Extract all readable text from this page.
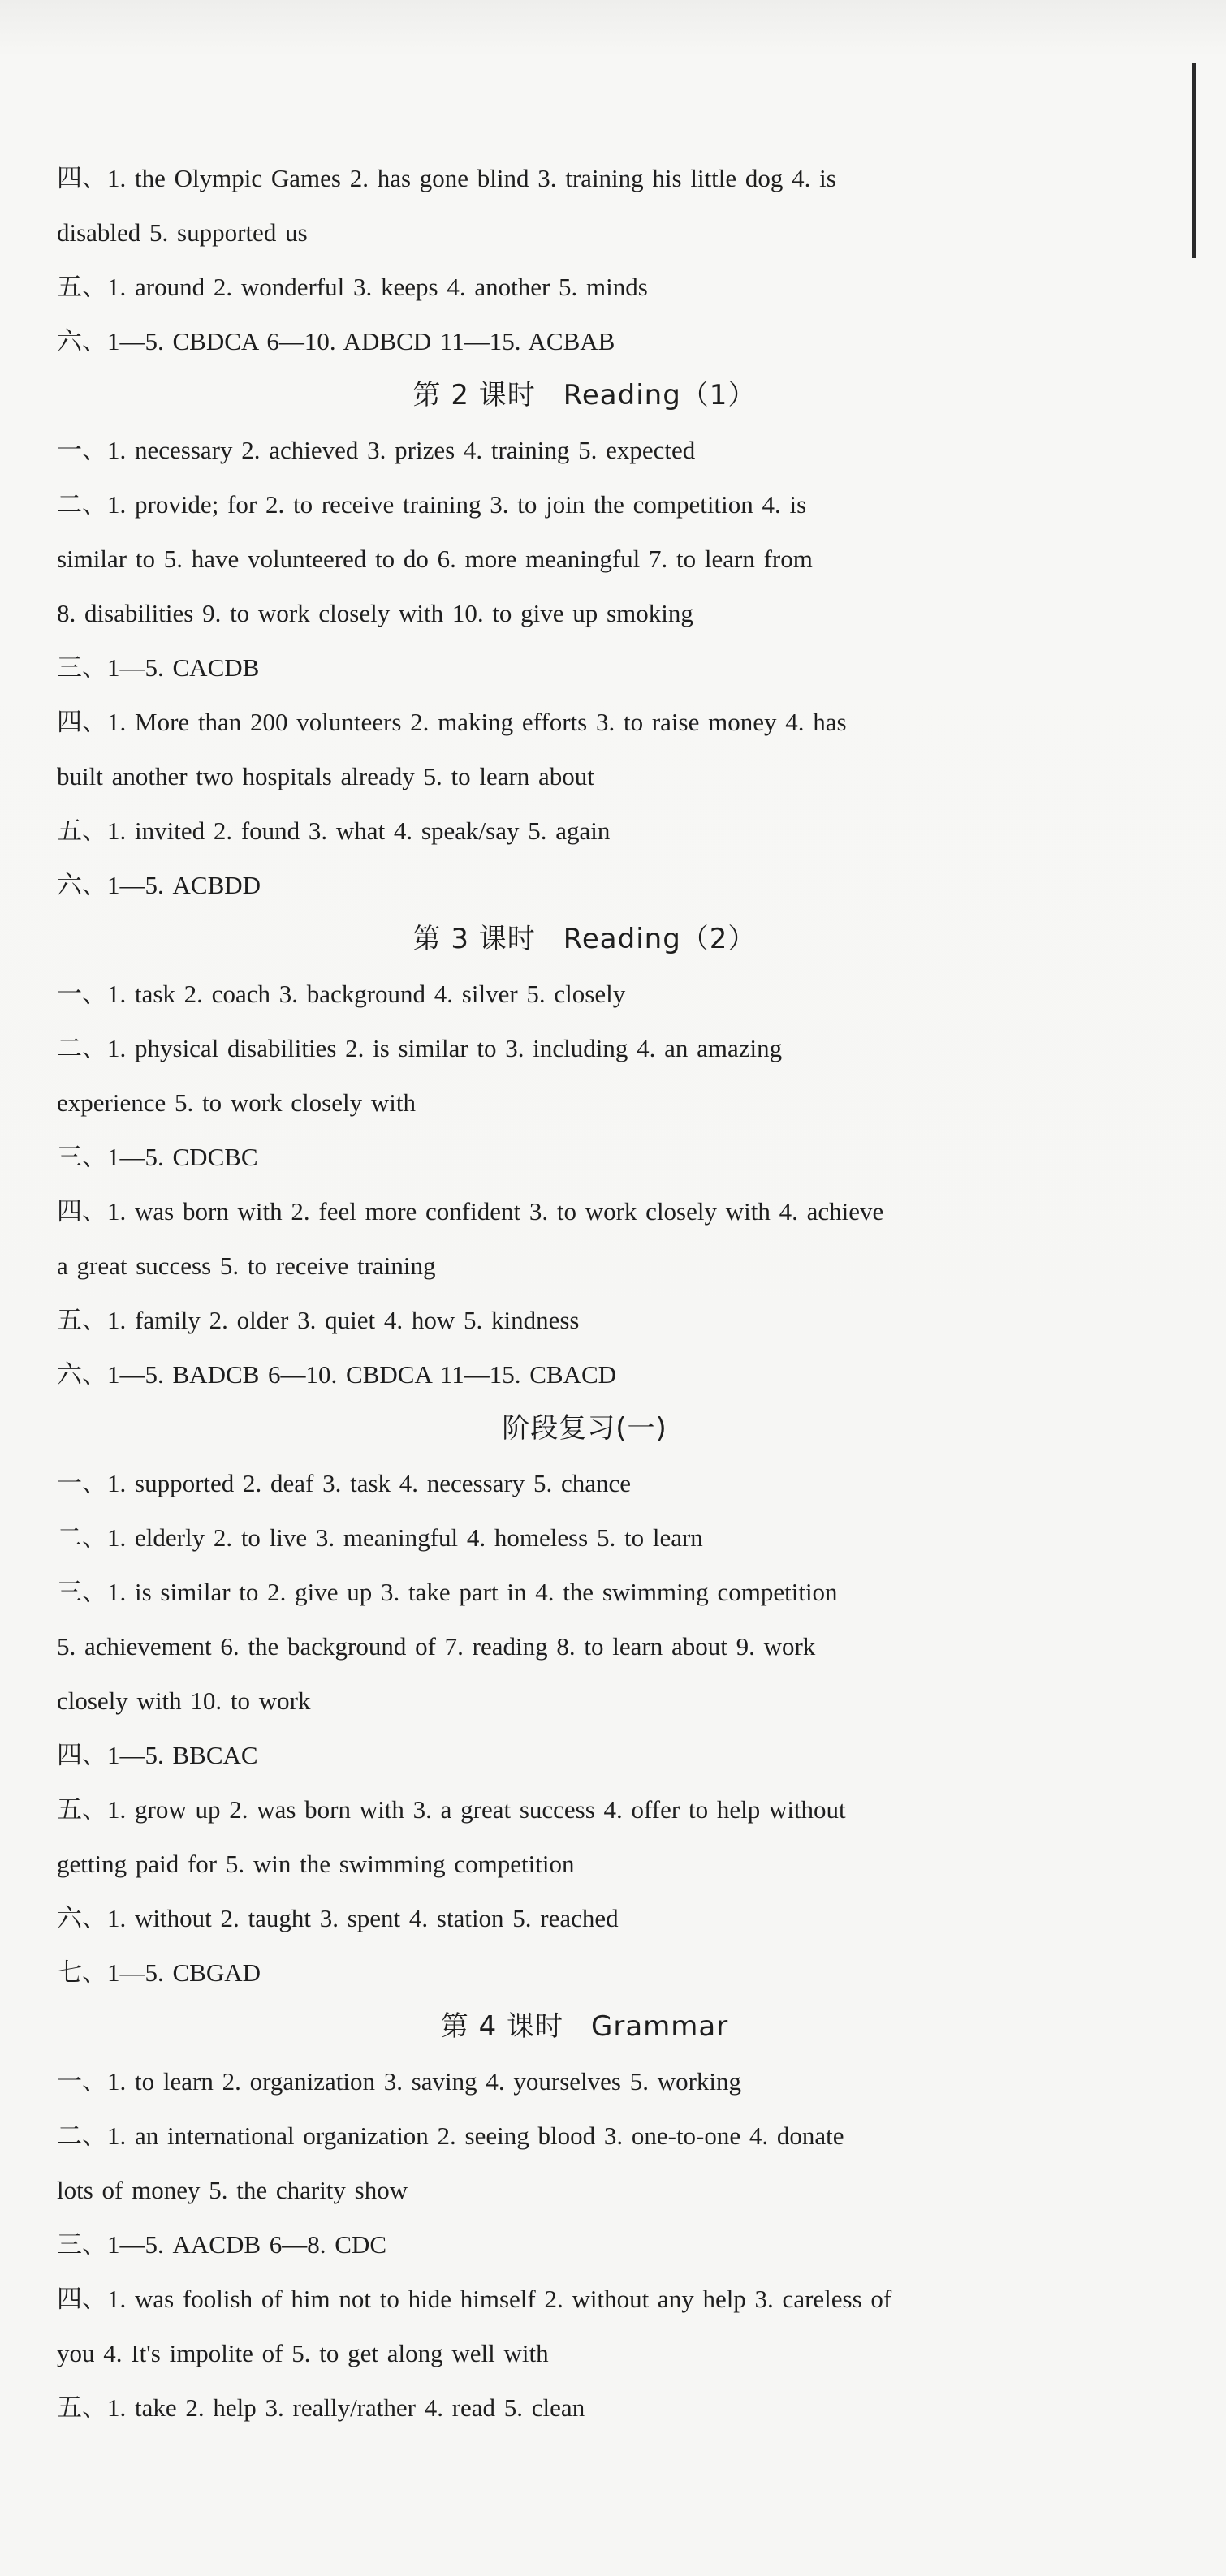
四、1. the Olympic Games 2. has gone blind 3. training his little dog 4. is
disabled 5. supported us
五、1. around 2. wonderful 3. keeps 4. another 5. minds
六、1—5. CBDCA 6—10. ADBCD 11—15. ACBAB
第 2 课时 Reading（1）
一、1. necessary 2. achieved 3. prizes 4. training 5. expected
二、1. provide; for 2. to receive training 3. to join the competition 4. is
similar to 5. have volunteered to do 6. more meaningful 7. to learn from
8. disabilities 9. to work closely with 10. to give up smoking
三、1—5. CACDB
四、1. More than 200 volunteers 2. making efforts 3. to raise money 4. has
built another two hospitals already 5. to learn about
五、1. invited 2. found 3. what 4. speak/say 5. again
六、1—5. ACBDD
第 3 课时 Reading（2）
一、1. task 2. coach 3. background 4. silver 5. closely
二、1. physical disabilities 2. is similar to 3. including 4. an amazing
experience 5. to work closely with
三、1—5. CDCBC
四、1. was born with 2. feel more confident 3. to work closely with 4. achieve
a great success 5. to receive training
五、1. family 2. older 3. quiet 4. how 5. kindness
六、1—5. BADCB 6—10. CBDCA 11—15. CBACD
阶段复习(一)
一、1. supported 2. deaf 3. task 4. necessary 5. chance
二、1. elderly 2. to live 3. meaningful 4. homeless 5. to learn
三、1. is similar to 2. give up 3. take part in 4. the swimming competition
5. achievement 6. the background of 7. reading 8. to learn about 9. work
closely with 10. to work
四、1—5. BBCAC
五、1. grow up 2. was born with 3. a great success 4. offer to help without
getting paid for 5. win the swimming competition
六、1. without 2. taught 3. spent 4. station 5. reached
七、1—5. CBGAD
第 4 课时 Grammar
一、1. to learn 2. organization 3. saving 4. yourselves 5. working
二、1. an international organization 2. seeing blood 3. one-to-one 4. donate
lots of money 5. the charity show
三、1—5. AACDB 6—8. CDC
四、1. was foolish of him not to hide himself 2. without any help 3. careless of
you 4. It's impolite of 5. to get along well with
五、1. take 2. help 3. really/rather 4. read 5. clean
